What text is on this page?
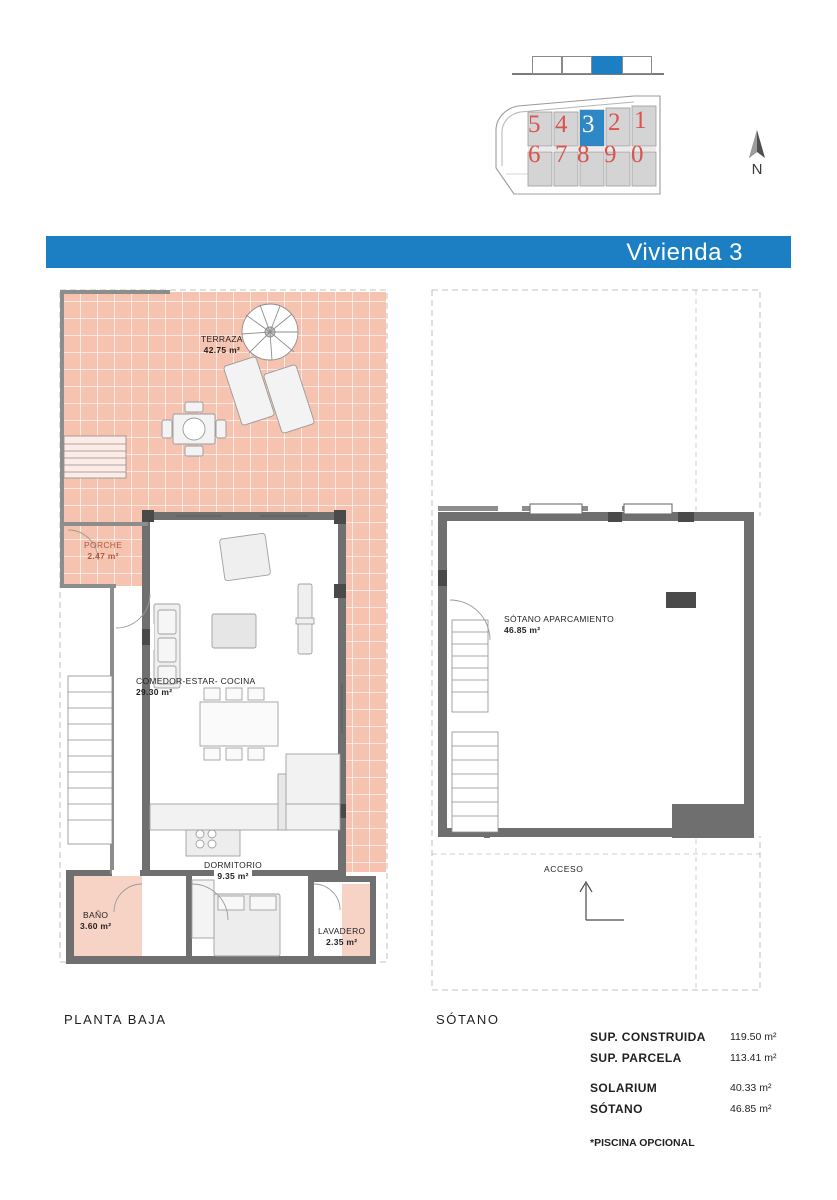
5 4 3 2 1
6 7 8 9 0
N
Vivienda 3
TERRAZA
42.75 m²
PORCHE
2.47 m²
COMEDOR-ESTAR- COCINA
29.30 m²
DORMITORIO
9.35 m²
BAÑO
3.60 m²	LAVADERO
2.35 m²
PLANTA BAJA
SÓTANO APARCAMIENTO
46.85 m²
ACCESO
SÓTANO
SUP. CONSTRUIDA 119.50 m²
SUP. PARCELA	113.41 m²
SOLARIUM	40.33 m²
SÓTANO	46.85 m²
*PISCINA OPCIONAL
